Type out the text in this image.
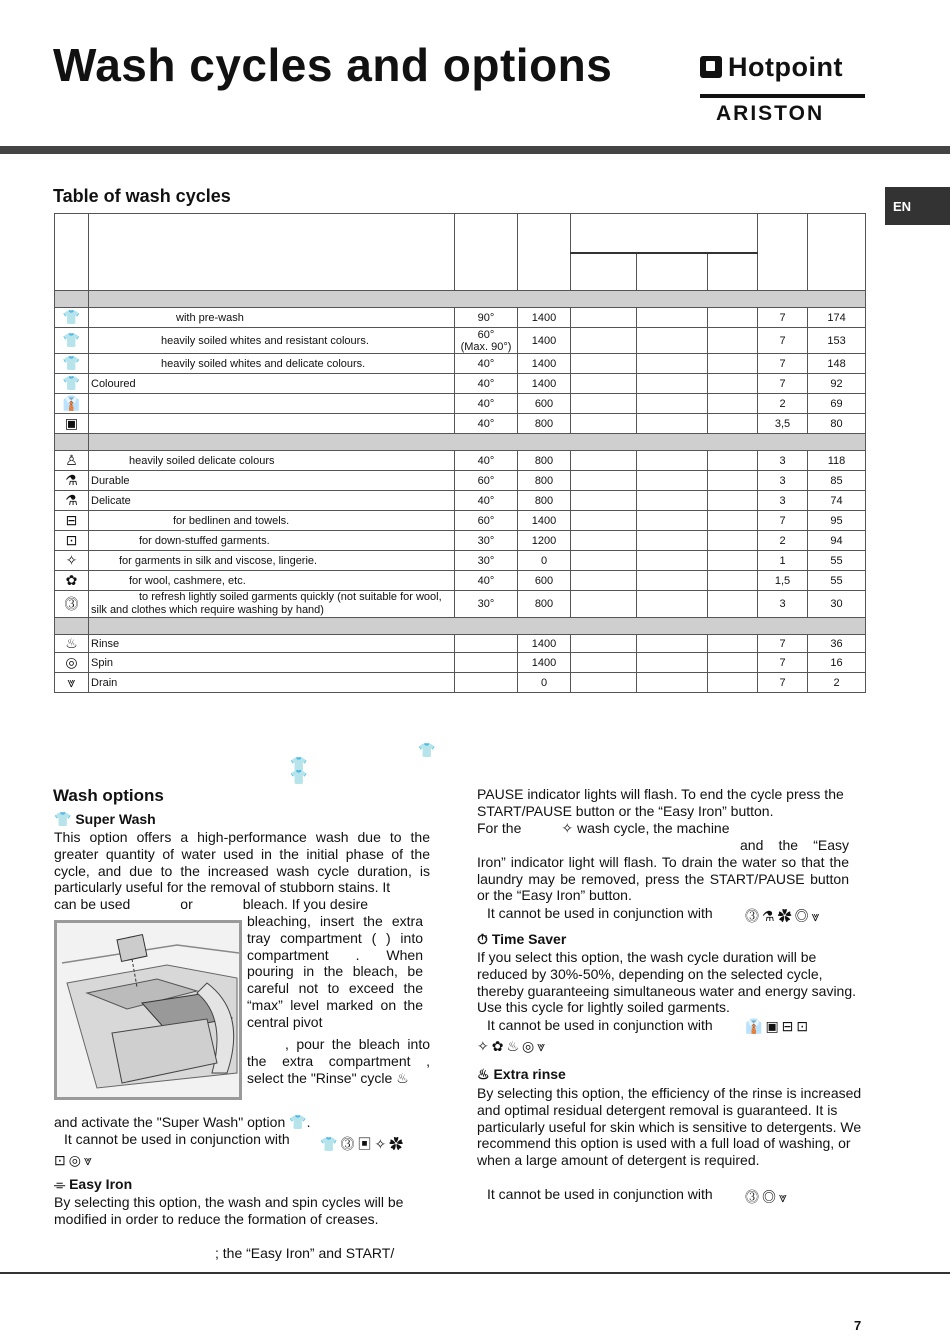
Wash cycles and options	Hotpoint
ARISTON
EN
Table of wash cycles

👕	with pre-wash	90°	1400				7	174
👕	heavily soiled whites and resistant colours.	60°
(Max. 90°)	1400				7	153
👕	heavily soiled whites and delicate colours.	40°	1400				7	148
👕	Coloured	40°	1400				7	92
👔		40°	600				2	69
▣		40°	800				3,5	80

♙	heavily soiled delicate colours	40°	800				3	118
⚗	Durable	60°	800				3	85
⚗	Delicate	40°	800				3	74
⊟	for bedlinen and towels.	60°	1400				7	95
⊡	for down-stuffed garments.	30°	1200				2	94
✧	for garments in silk and viscose, lingerie.	30°	0				1	55
✿	for wool, cashmere, etc.	40°	600				1,5	55
⓷	to refresh lightly soiled garments quickly (not suitable for wool, silk and clothes which require washing by hand)	30°	800				3	30

♨	Rinse		1400				7	36
◎	Spin		1400				7	16
⩔	Drain		0				7	2
👕
👕
👕
Wash options
👕 Super Wash
This option offers a high-performance wash due to the greater quantity of water used in the initial phase of the cycle, and due to the increased wash cycle duration, is particularly useful for the removal of stubborn stains. It
can be used	or	bleach. If you desire
bleaching, insert the extra tray compartment ( ) into compartment . When pouring in the bleach, be careful not to exceed the “max” level marked on the central pivot
, pour the bleach into the extra compartment , select the "Rinse" cycle ♨
and activate the "Super Wash" option 👕.
It cannot be used in conjunction with	👕⓷▣✧✿
⊡◎⩔
⌯ Easy Iron
By selecting this option, the wash and spin cycles will be modified in order to reduce the formation of creases.
; the “Easy Iron” and START/
PAUSE indicator lights will flash. To end the cycle press the START/PAUSE button or the “Easy Iron” button.
For the	✧ wash cycle, the machine
and the “Easy Iron” indicator light will flash. To drain the water so that the laundry may be removed, press the START/PAUSE button or the “Easy Iron” button.
It cannot be used in conjunction with	⓷⚗✿◎⩔
⏱ Time Saver
If you select this option, the wash cycle duration will be reduced by 30%-50%, depending on the selected cycle, thereby guaranteeing simultaneous water and energy saving. Use this cycle for lightly soiled garments.
It cannot be used in conjunction with	👔▣⊟⊡
✧✿♨◎⩔
♨ Extra rinse
By selecting this option, the efficiency of the rinse is increased and optimal residual detergent removal is guaranteed. It is particularly useful for skin which is sensitive to detergents. We recommend this option is used with a full load of washing, or when a large amount of detergent is required.
It cannot be used in conjunction with	⓷◎⩔
7
